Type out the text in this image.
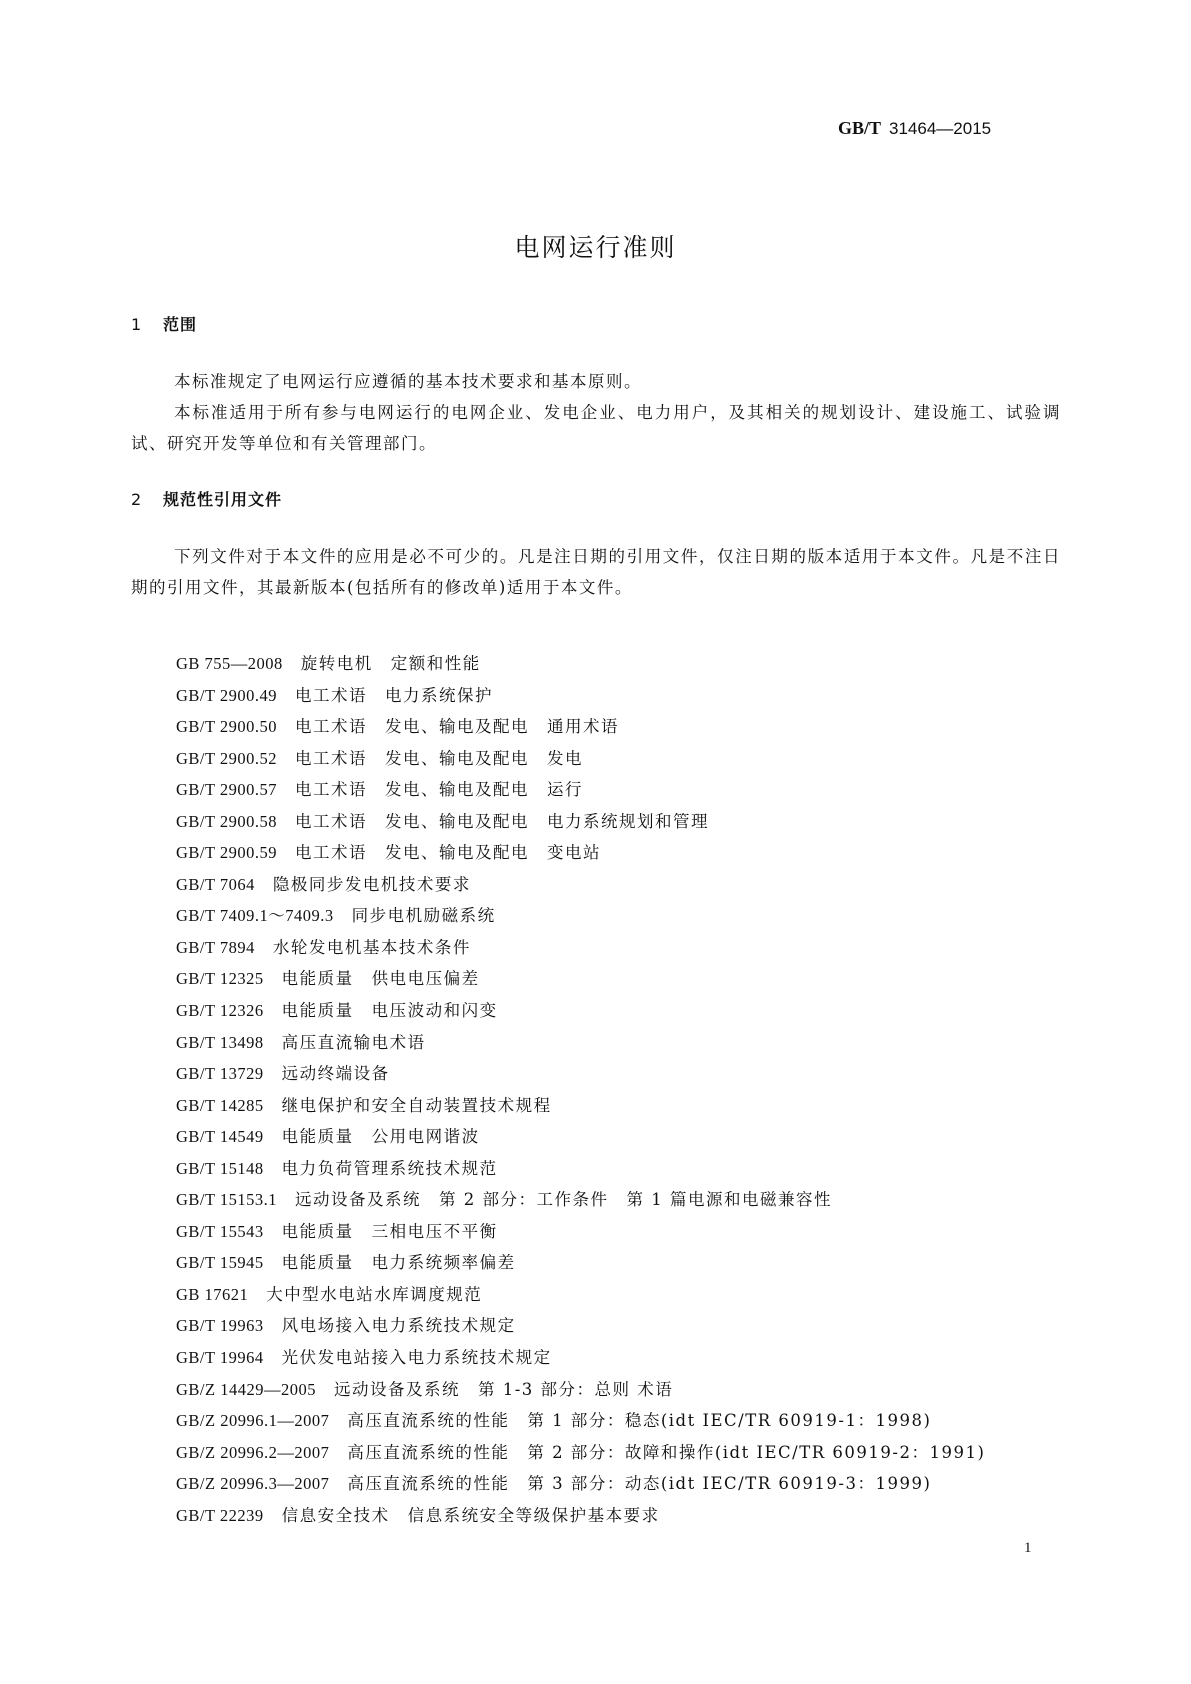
GB/T 31464—2015
电网运行准则
1 范围

本标准规定了电网运行应遵循的基本技术要求和基本原则。

本标准适用于所有参与电网运行的电网企业、发电企业、电力用户，及其相关的规划设计、建设施工、试验调试、研究开发等单位和有关管理部门。

2 规范性引用文件

下列文件对于本文件的应用是必不可少的。凡是注日期的引用文件，仅注日期的版本适用于本文件。凡是不注日期的引用文件，其最新版本(包括所有的修改单)适用于本文件。

GB 755—2008 旋转电机　定额和性能
GB/T 2900.49 电工术语　电力系统保护
GB/T 2900.50 电工术语　发电、输电及配电　通用术语
GB/T 2900.52 电工术语　发电、输电及配电　发电
GB/T 2900.57 电工术语　发电、输电及配电　运行
GB/T 2900.58 电工术语　发电、输电及配电　电力系统规划和管理
GB/T 2900.59 电工术语　发电、输电及配电　变电站
GB/T 7064 隐极同步发电机技术要求
GB/T 7409.1～7409.3 同步电机励磁系统
GB/T 7894 水轮发电机基本技术条件
GB/T 12325 电能质量　供电电压偏差
GB/T 12326 电能质量　电压波动和闪变
GB/T 13498 高压直流输电术语
GB/T 13729 远动终端设备
GB/T 14285 继电保护和安全自动装置技术规程
GB/T 14549 电能质量　公用电网谐波
GB/T 15148 电力负荷管理系统技术规范
GB/T 15153.1 远动设备及系统　第 2 部分：工作条件　第 1 篇电源和电磁兼容性
GB/T 15543 电能质量　三相电压不平衡
GB/T 15945 电能质量　电力系统频率偏差
GB 17621 大中型水电站水库调度规范
GB/T 19963 风电场接入电力系统技术规定
GB/T 19964 光伏发电站接入电力系统技术规定
GB/Z 14429—2005 远动设备及系统　第 1-3 部分：总则 术语
GB/Z 20996.1—2007 高压直流系统的性能　第 1 部分：稳态(idt IEC/TR 60919-1：1998)
GB/Z 20996.2—2007 高压直流系统的性能　第 2 部分：故障和操作(idt IEC/TR 60919-2：1991)
GB/Z 20996.3—2007 高压直流系统的性能　第 3 部分：动态(idt IEC/TR 60919-3：1999)
GB/T 22239 信息安全技术　信息系统安全等级保护基本要求
1
